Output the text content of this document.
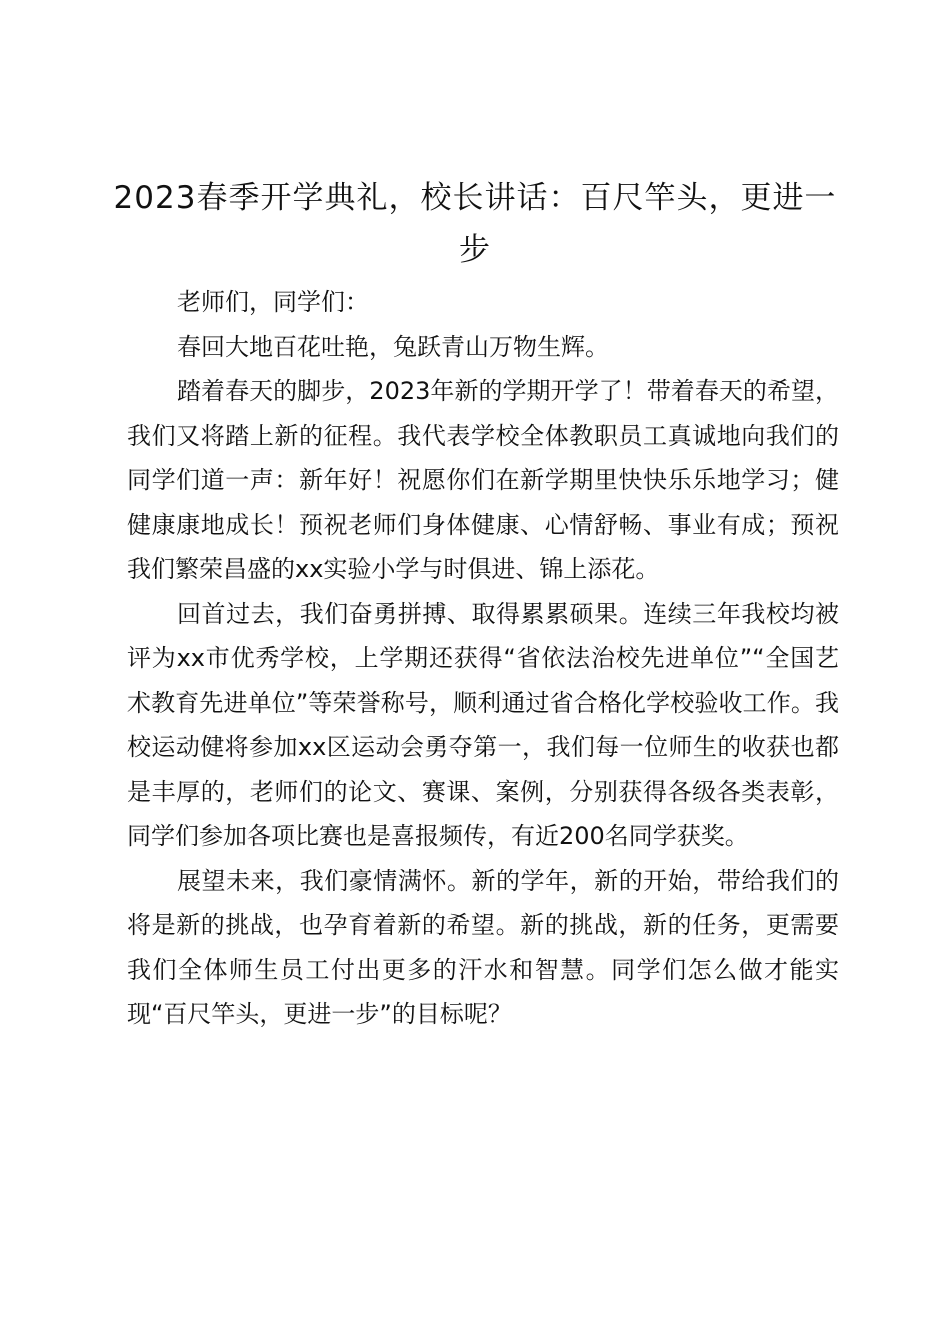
2023春季开学典礼，校长讲话：百尺竿头，更进一步

老师们，同学们：

春回大地百花吐艳，兔跃青山万物生辉。

踏着春天的脚步，2023年新的学期开学了！带着春天的希望，我们又将踏上新的征程。我代表学校全体教职员工真诚地向我们的同学们道一声：新年好！祝愿你们在新学期里快快乐乐地学习；健健康康地成长！预祝老师们身体健康、心情舒畅、事业有成；预祝我们繁荣昌盛的xx实验小学与时俱进、锦上添花。

回首过去，我们奋勇拼搏、取得累累硕果。连续三年我校均被评为xx市优秀学校，上学期还获得“省依法治校先进单位”“全国艺术教育先进单位”等荣誉称号，顺利通过省合格化学校验收工作。我校运动健将参加xx区运动会勇夺第一，我们每一位师生的收获也都是丰厚的，老师们的论文、赛课、案例，分别获得各级各类表彰，同学们参加各项比赛也是喜报频传，有近200名同学获奖。

展望未来，我们豪情满怀。新的学年，新的开始，带给我们的将是新的挑战，也孕育着新的希望。新的挑战，新的任务，更需要我们全体师生员工付出更多的汗水和智慧。同学们怎么做才能实现“百尺竿头，更进一步”的目标呢？
